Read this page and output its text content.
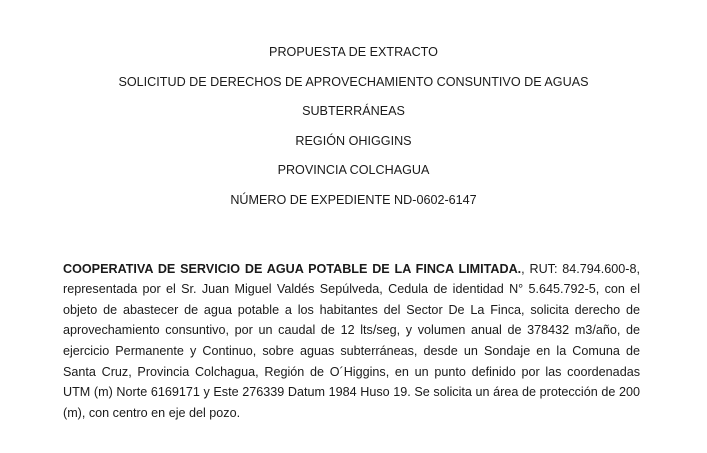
PROPUESTA DE EXTRACTO
SOLICITUD DE DERECHOS DE APROVECHAMIENTO CONSUNTIVO DE AGUAS
SUBTERRÁNEAS
REGIÓN OHIGGINS
PROVINCIA COLCHAGUA
NÚMERO DE EXPEDIENTE ND-0602-6147

COOPERATIVA DE SERVICIO DE AGUA POTABLE DE LA FINCA LIMITADA., RUT: 84.794.600-8, representada por el Sr. Juan Miguel Valdés Sepúlveda, Cedula de identidad N° 5.645.792-5, con el objeto de abastecer de agua potable a los habitantes del Sector De La Finca, solicita derecho de aprovechamiento consuntivo, por un caudal de 12 lts/seg, y volumen anual de 378432 m3/año, de ejercicio Permanente y Continuo, sobre aguas subterráneas, desde un Sondaje en la Comuna de Santa Cruz, Provincia Colchagua, Región de O´Higgins, en un punto definido por las coordenadas UTM (m) Norte 6169171 y Este 276339 Datum 1984 Huso 19. Se solicita un área de protección de 200 (m), con centro en eje del pozo.
